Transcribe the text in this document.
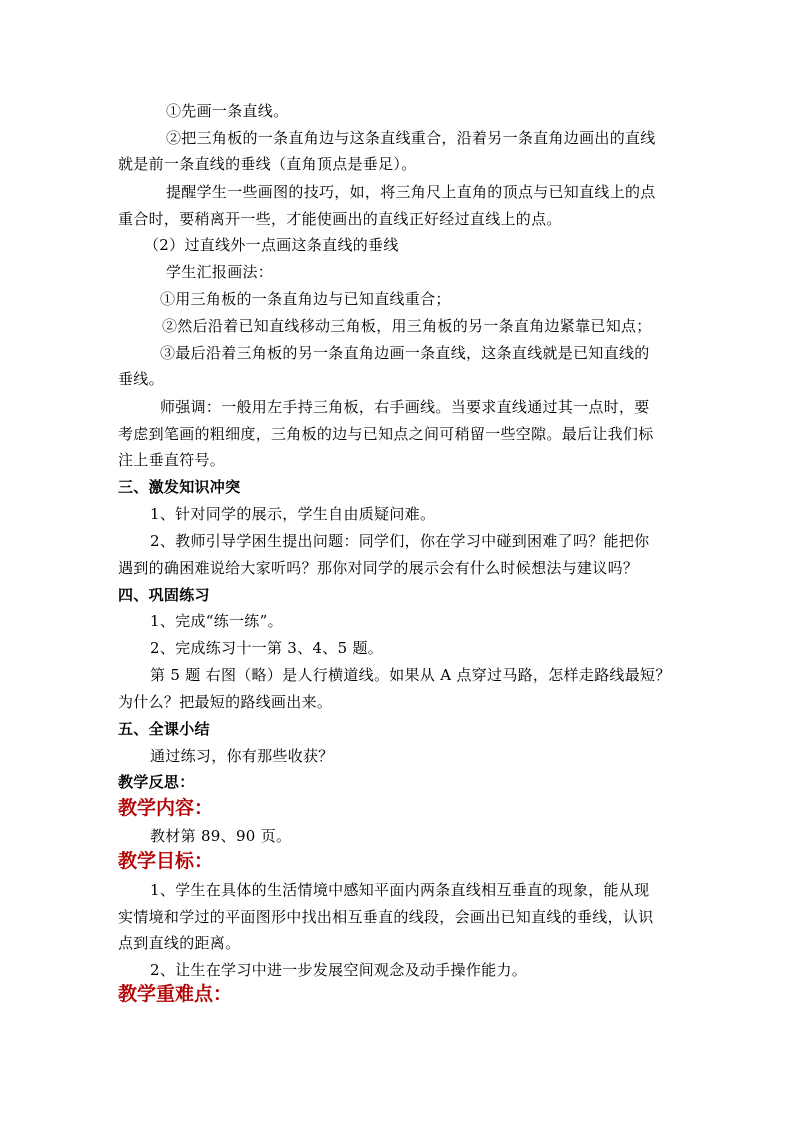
①先画一条直线。
②把三角板的一条直角边与这条直线重合，沿着另一条直角边画出的直线
就是前一条直线的垂线（直角顶点是垂足）。
提醒学生一些画图的技巧，如，将三角尺上直角的顶点与已知直线上的点
重合时，要稍离开一些，才能使画出的直线正好经过直线上的点。
（2）过直线外一点画这条直线的垂线
学生汇报画法：
①用三角板的一条直角边与已知直线重合；
②然后沿着已知直线移动三角板，用三角板的另一条直角边紧靠已知点；
③最后沿着三角板的另一条直角边画一条直线，这条直线就是已知直线的
垂线。
师强调：一般用左手持三角板，右手画线。当要求直线通过其一点时，要
考虑到笔画的粗细度，三角板的边与已知点之间可稍留一些空隙。最后让我们标
注上垂直符号。
三、激发知识冲突
1、针对同学的展示，学生自由质疑问难。
2、教师引导学困生提出问题：同学们，你在学习中碰到困难了吗？能把你
遇到的确困难说给大家听吗？那你对同学的展示会有什么时候想法与建议吗？
四、巩固练习
1、完成“练一练”。
2、完成练习十一第 3、4、5 题。
第 5 题 右图（略）是人行横道线。如果从 A 点穿过马路，怎样走路线最短？
为什么？把最短的路线画出来。
五、全课小结
通过练习，你有那些收获？
教学反思：
教学内容：
教材第 89、90 页。
教学目标：
1、学生在具体的生活情境中感知平面内两条直线相互垂直的现象，能从现
实情境和学过的平面图形中找出相互垂直的线段，会画出已知直线的垂线，认识
点到直线的距离。
2、让生在学习中进一步发展空间观念及动手操作能力。
教学重难点：
